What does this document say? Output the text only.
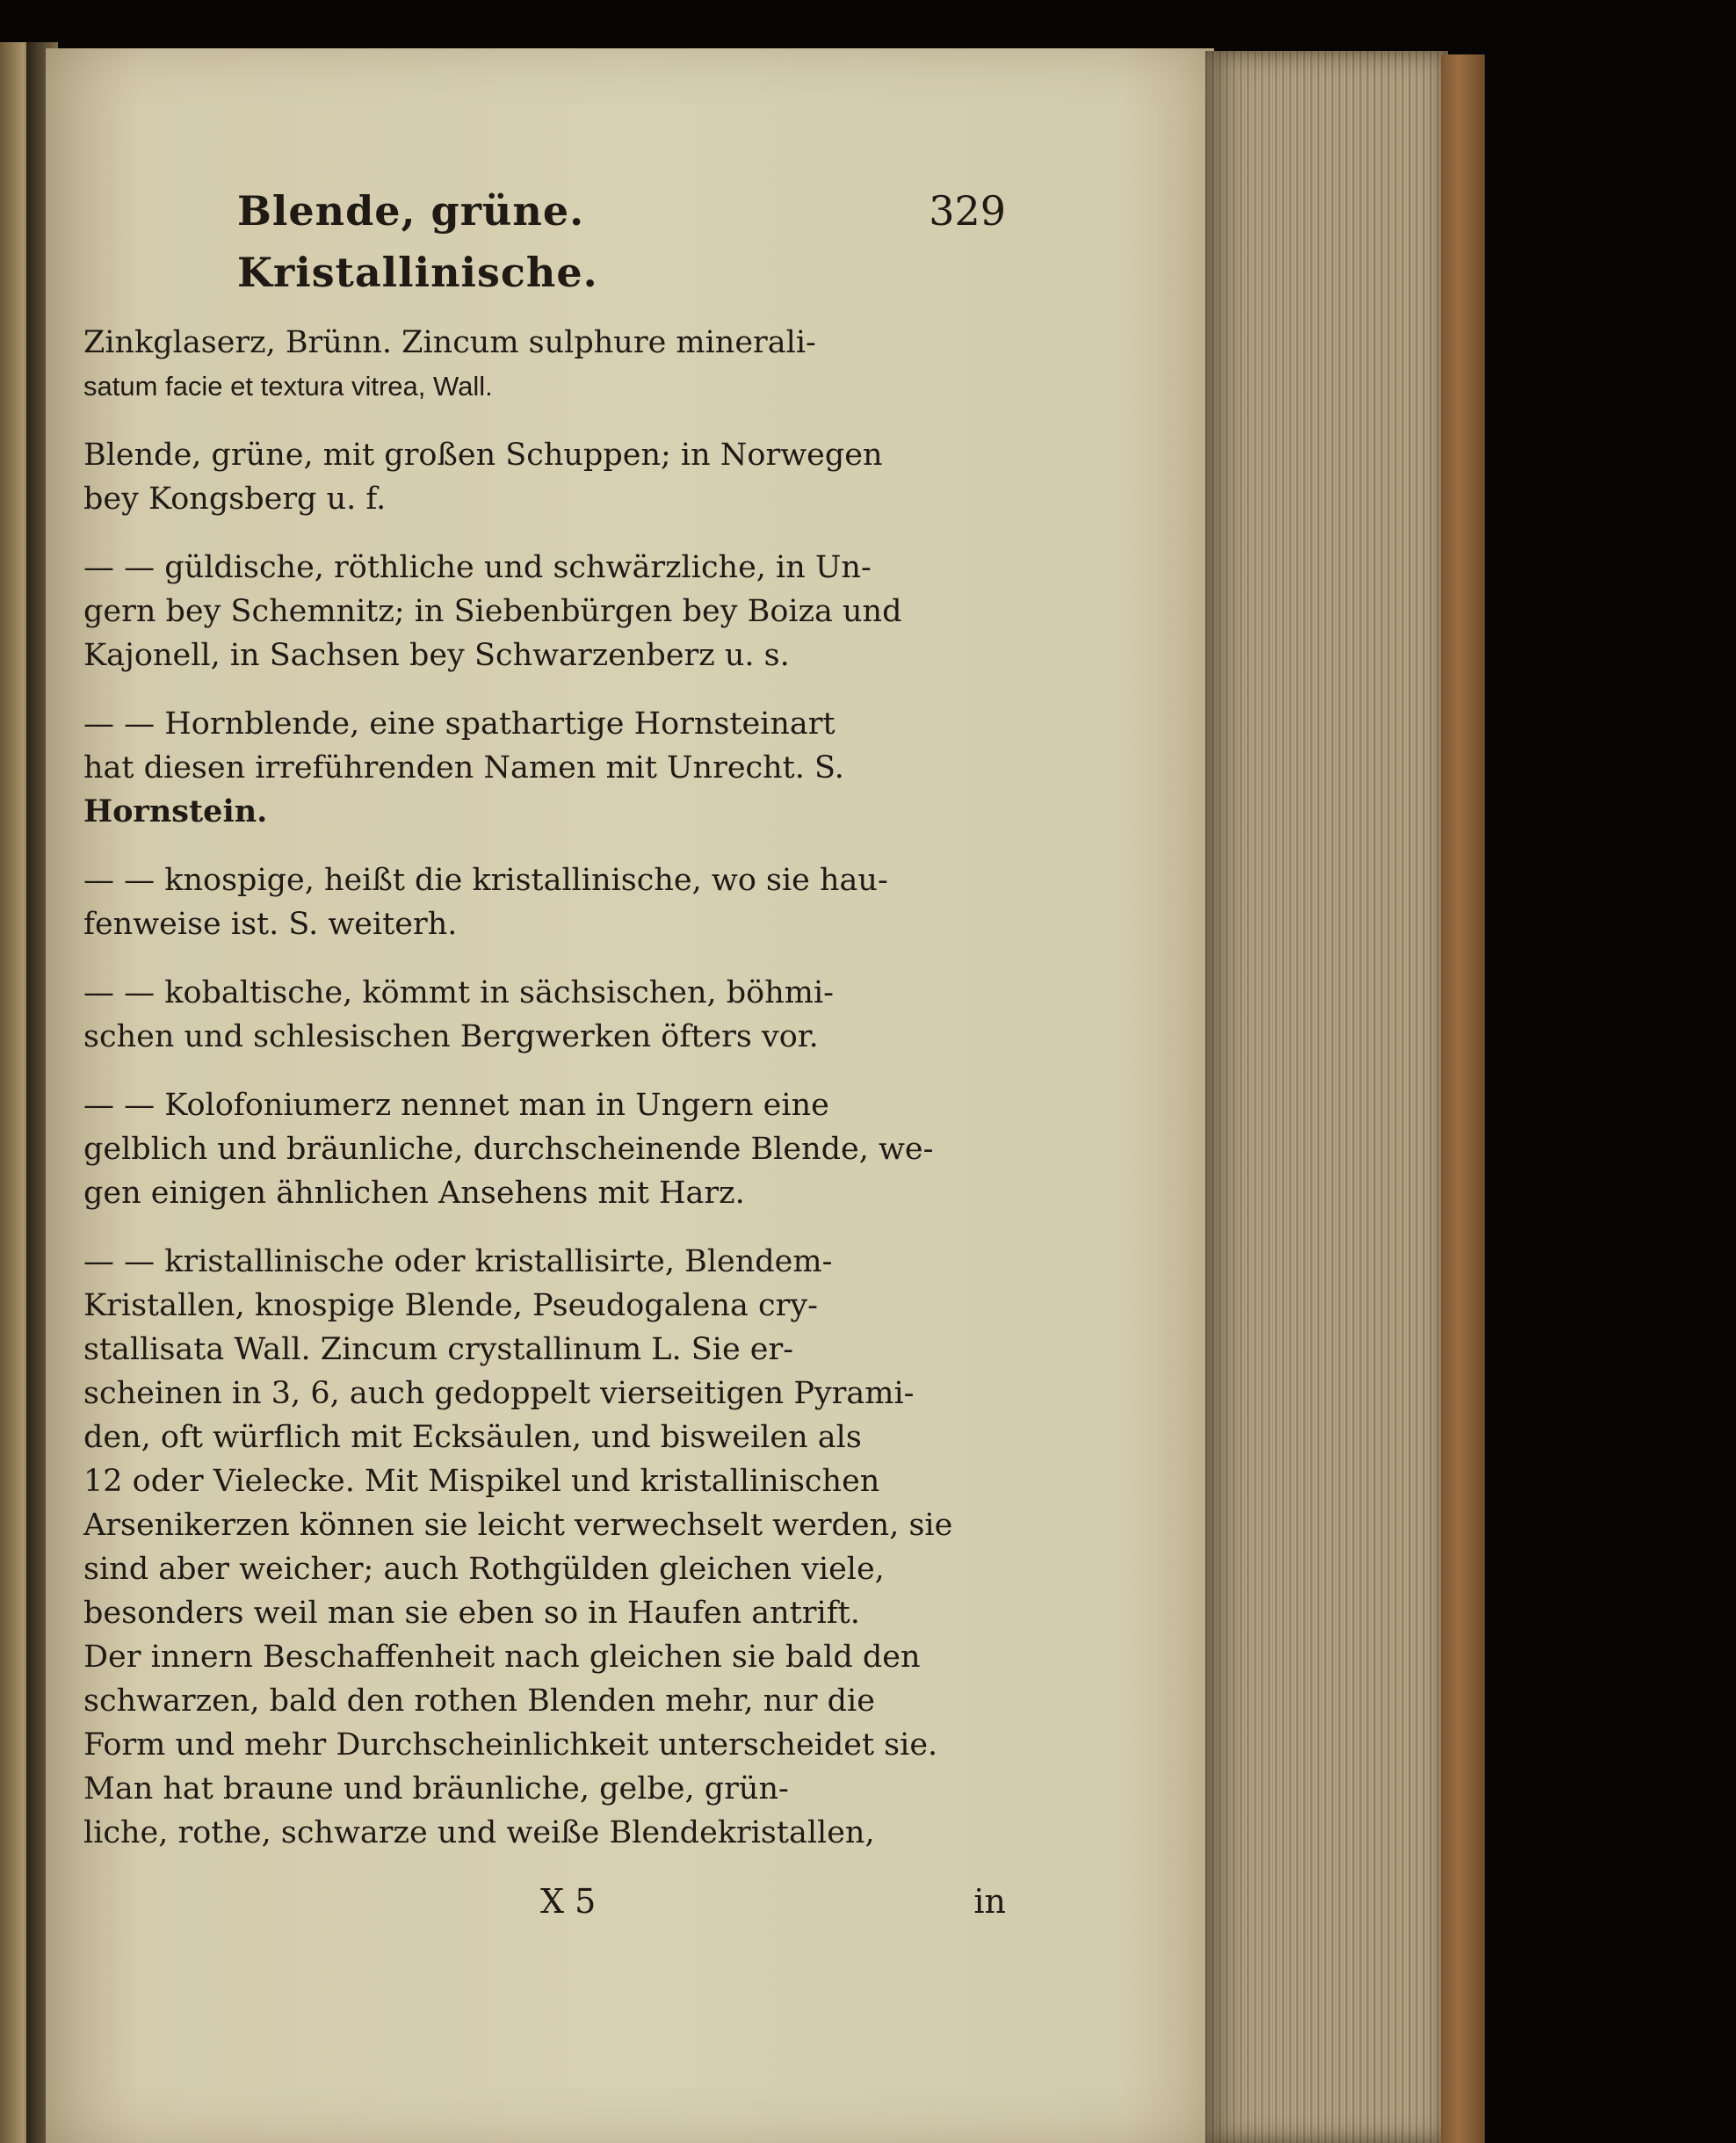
Blende, grüne. Kristallinische.
329
Zinkglaserz, Brünn. Zincum sulphure minerali-
satum facie et textura vitrea, Wall.
Blende, grüne, mit großen Schuppen; in Norwegen
bey Kongsberg u. f.
— — güldische, röthliche und schwärzliche, in Un-
gern bey Schemnitz; in Siebenbürgen bey Boiza und
Kajonell, in Sachsen bey Schwarzenberz u. s.
— — Hornblende, eine spathartige Hornsteinart
hat diesen irreführenden Namen mit Unrecht. S.
Hornstein.
— — knospige, heißt die kristallinische, wo sie hau-
fenweise ist. S. weiterh.
— — kobaltische, kömmt in sächsischen, böhmi-
schen und schlesischen Bergwerken öfters vor.
— — Kolofoniumerz nennet man in Ungern eine
gelblich und bräunliche, durchscheinende Blende, we-
gen einigen ähnlichen Ansehens mit Harz.
— — kristallinische oder kristallisirte, Blendem-
Kristallen, knospige Blende, Pseudogalena cry-
stallisata Wall. Zincum crystallinum L. Sie er-
scheinen in 3, 6, auch gedoppelt vierseitigen Pyrami-
den, oft würflich mit Ecksäulen, und bisweilen als
12 oder Vielecke. Mit Mispikel und kristallinischen
Arsenikerzen können sie leicht verwechselt werden, sie
sind aber weicher; auch Rothgülden gleichen viele,
besonders weil man sie eben so in Haufen antrift.
Der innern Beschaffenheit nach gleichen sie bald den
schwarzen, bald den rothen Blenden mehr, nur die
Form und mehr Durchscheinlichkeit unterscheidet sie.
Man hat braune und bräunliche, gelbe, grün-
liche, rothe, schwarze und weiße Blendekristallen,
X 5	in
